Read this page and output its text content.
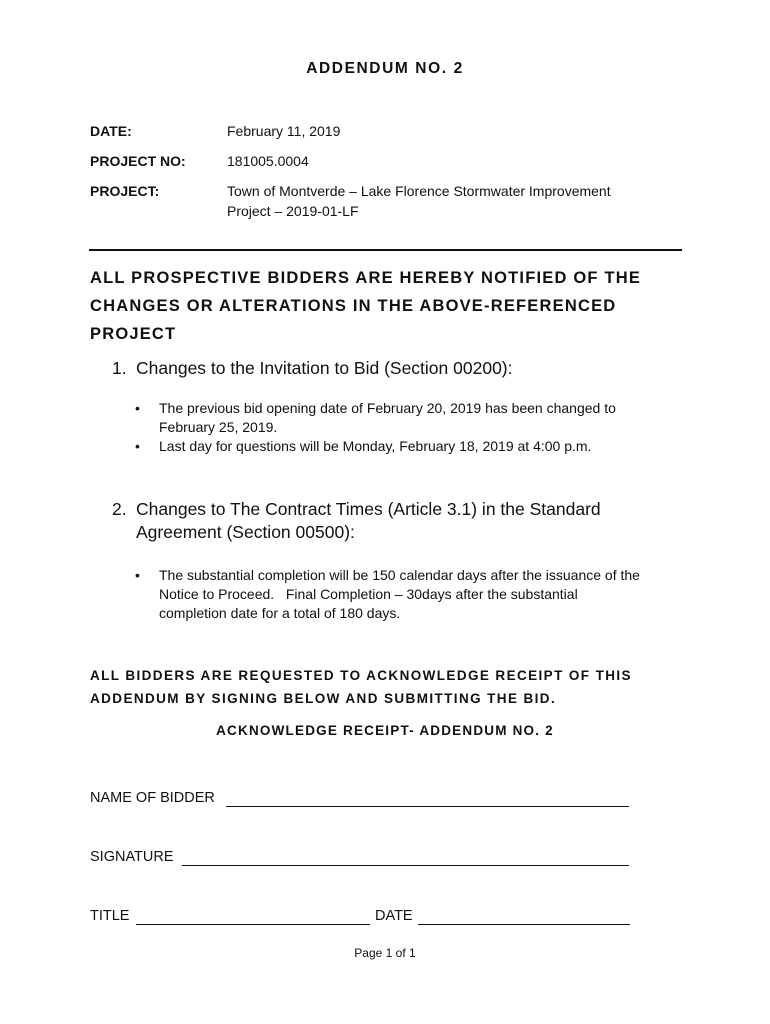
ADDENDUM NO. 2
DATE:	February 11, 2019
PROJECT NO:	181005.0004
PROJECT:	Town of Montverde – Lake Florence Stormwater Improvement
Project – 2019-01-LF
ALL PROSPECTIVE BIDDERS ARE HEREBY NOTIFIED OF THE
CHANGES OR ALTERATIONS IN THE ABOVE-REFERENCED
PROJECT
1. Changes to the Invitation to Bid (Section 00200):
• The previous bid opening date of February 20, 2019 has been changed to
February 25, 2019.
• Last day for questions will be Monday, February 18, 2019 at 4:00 p.m.
2. Changes to The Contract Times (Article 3.1) in the Standard
Agreement (Section 00500):
• The substantial completion will be 150 calendar days after the issuance of the
Notice to Proceed.   Final Completion – 30days after the substantial
completion date for a total of 180 days.
ALL BIDDERS ARE REQUESTED TO ACKNOWLEDGE RECEIPT OF THIS
ADDENDUM BY SIGNING BELOW AND SUBMITTING THE BID.
ACKNOWLEDGE RECEIPT- ADDENDUM NO. 2
NAME OF BIDDER
SIGNATURE
TITLE	DATE
Page 1 of 1
